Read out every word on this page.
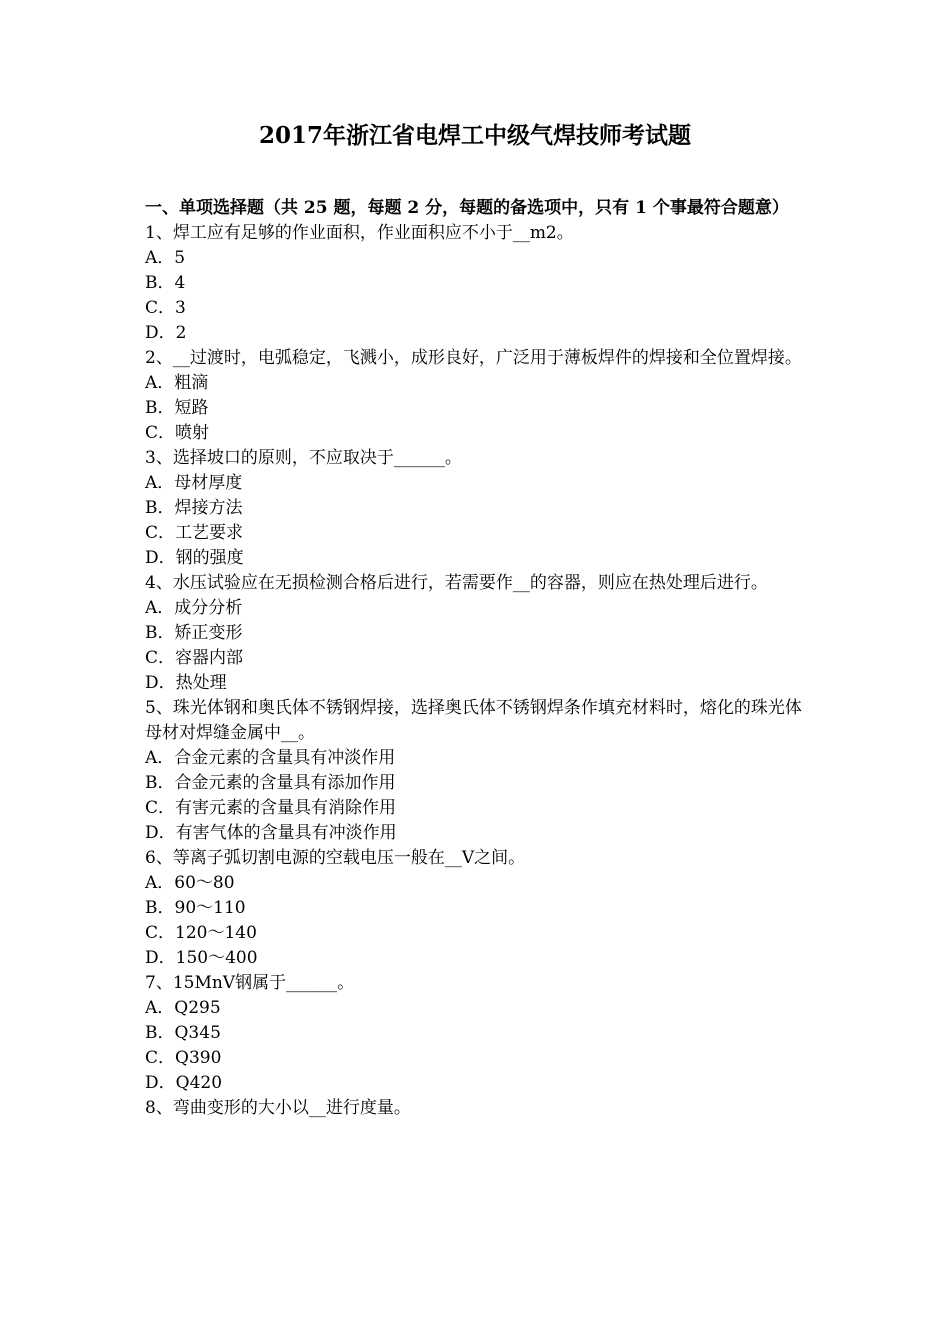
2017年浙江省电焊工中级气焊技师考试题
一、单项选择题（共 25 题，每题 2 分，每题的备选项中，只有 1 个事最符合题意）
1、焊工应有足够的作业面积，作业面积应不小于__m2。
A．5
B．4
C．3
D．2
2、__过渡时，电弧稳定，飞溅小，成形良好，广泛用于薄板焊件的焊接和全位置焊接。
A．粗滴
B．短路
C．喷射
3、选择坡口的原则，不应取决于______。
A．母材厚度
B．焊接方法
C．工艺要求
D．钢的强度
4、水压试验应在无损检测合格后进行，若需要作__的容器，则应在热处理后进行。
A．成分分析
B．矫正变形
C．容器内部
D．热处理
5、珠光体钢和奥氏体不锈钢焊接，选择奥氏体不锈钢焊条作填充材料时，熔化的珠光体母材对焊缝金属中__。
A．合金元素的含量具有冲淡作用
B．合金元素的含量具有添加作用
C．有害元素的含量具有消除作用
D．有害气体的含量具有冲淡作用
6、等离子弧切割电源的空载电压一般在__V之间。
A．60～80
B．90～110
C．120～140
D．150～400
7、15MnV钢属于______。
A．Q295
B．Q345
C．Q390
D．Q420
8、弯曲变形的大小以__进行度量。
